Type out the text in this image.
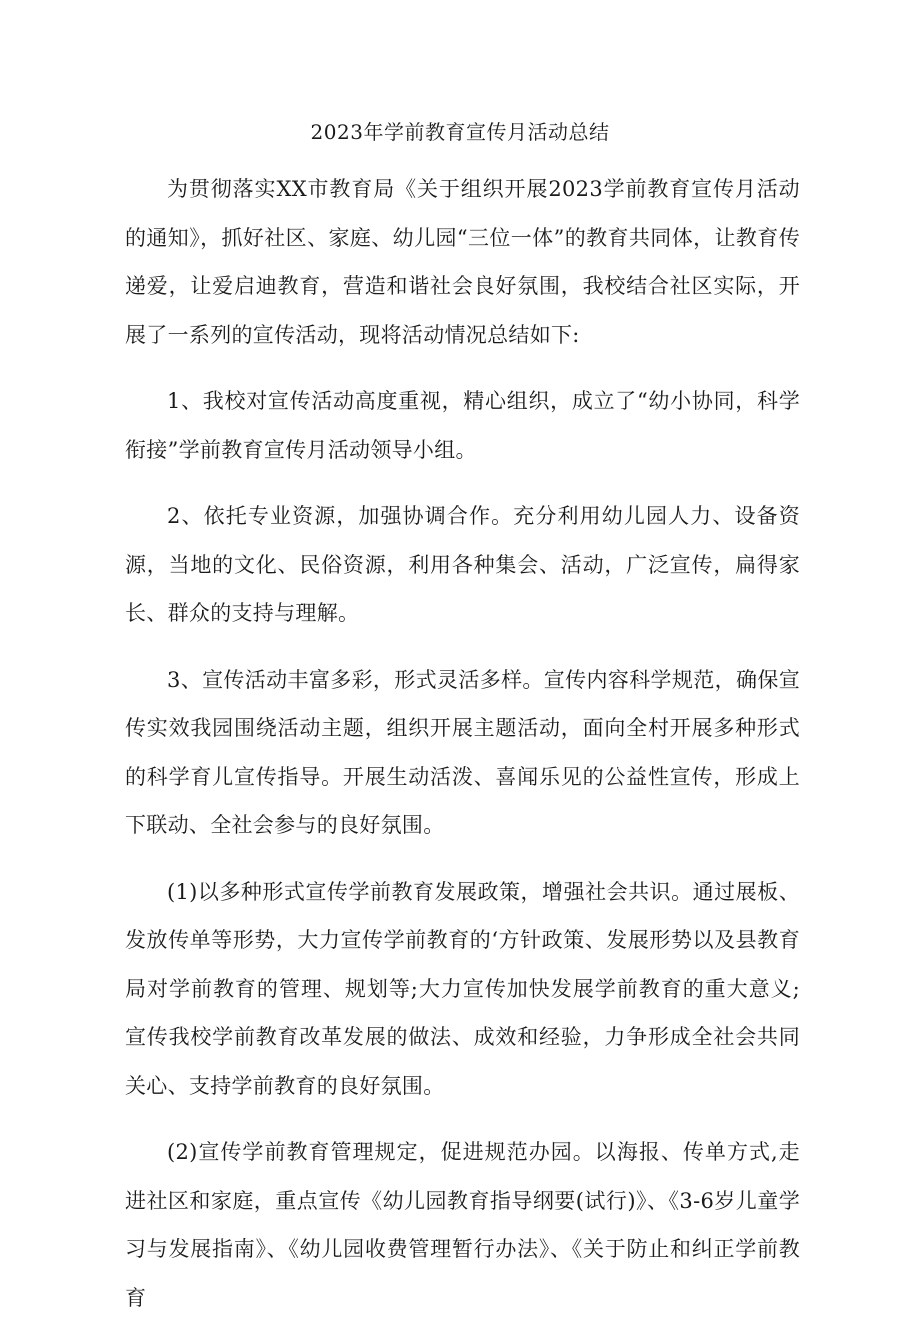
2023年学前教育宣传月活动总结

为贯彻落实XX市教育局《关于组织开展2023学前教育宣传月活动的通知》，抓好社区、家庭、幼儿园“三位一体”的教育共同体，让教育传递爱，让爱启迪教育，营造和谐社会良好氛围，我校结合社区实际，开展了一系列的宣传活动，现将活动情况总结如下:

1、我校对宣传活动高度重视，精心组织，成立了“幼小协同，科学衔接”学前教育宣传月活动领导小组。

2、依托专业资源，加强协调合作。充分利用幼儿园人力、设备资源，当地的文化、民俗资源，利用各种集会、活动，广泛宣传，扁得家长、群众的支持与理解。

3、宣传活动丰富多彩，形式灵活多样。宣传内容科学规范，确保宣传实效我园围绕活动主题，组织开展主题活动，面向全村开展多种形式的科学育儿宣传指导。开展生动活泼、喜闻乐见的公益性宣传，形成上下联动、全社会参与的良好氛围。

(1)以多种形式宣传学前教育发展政策，增强社会共识。通过展板、发放传单等形势，大力宣传学前教育的‘方针政策、发展形势以及县教育局对学前教育的管理、规划等;大力宣传加快发展学前教育的重大意义;宣传我校学前教育改革发展的做法、成效和经验，力争形成全社会共同关心、支持学前教育的良好氛围。

(2)宣传学前教育管理规定，促进规范办园。以海报、传单方式,走进社区和家庭，重点宣传《幼儿园教育指导纲要(试行)》、《3-6岁儿童学习与发展指南》、《幼儿园收费管理暂行办法》、《关于防止和纠正学前教育
